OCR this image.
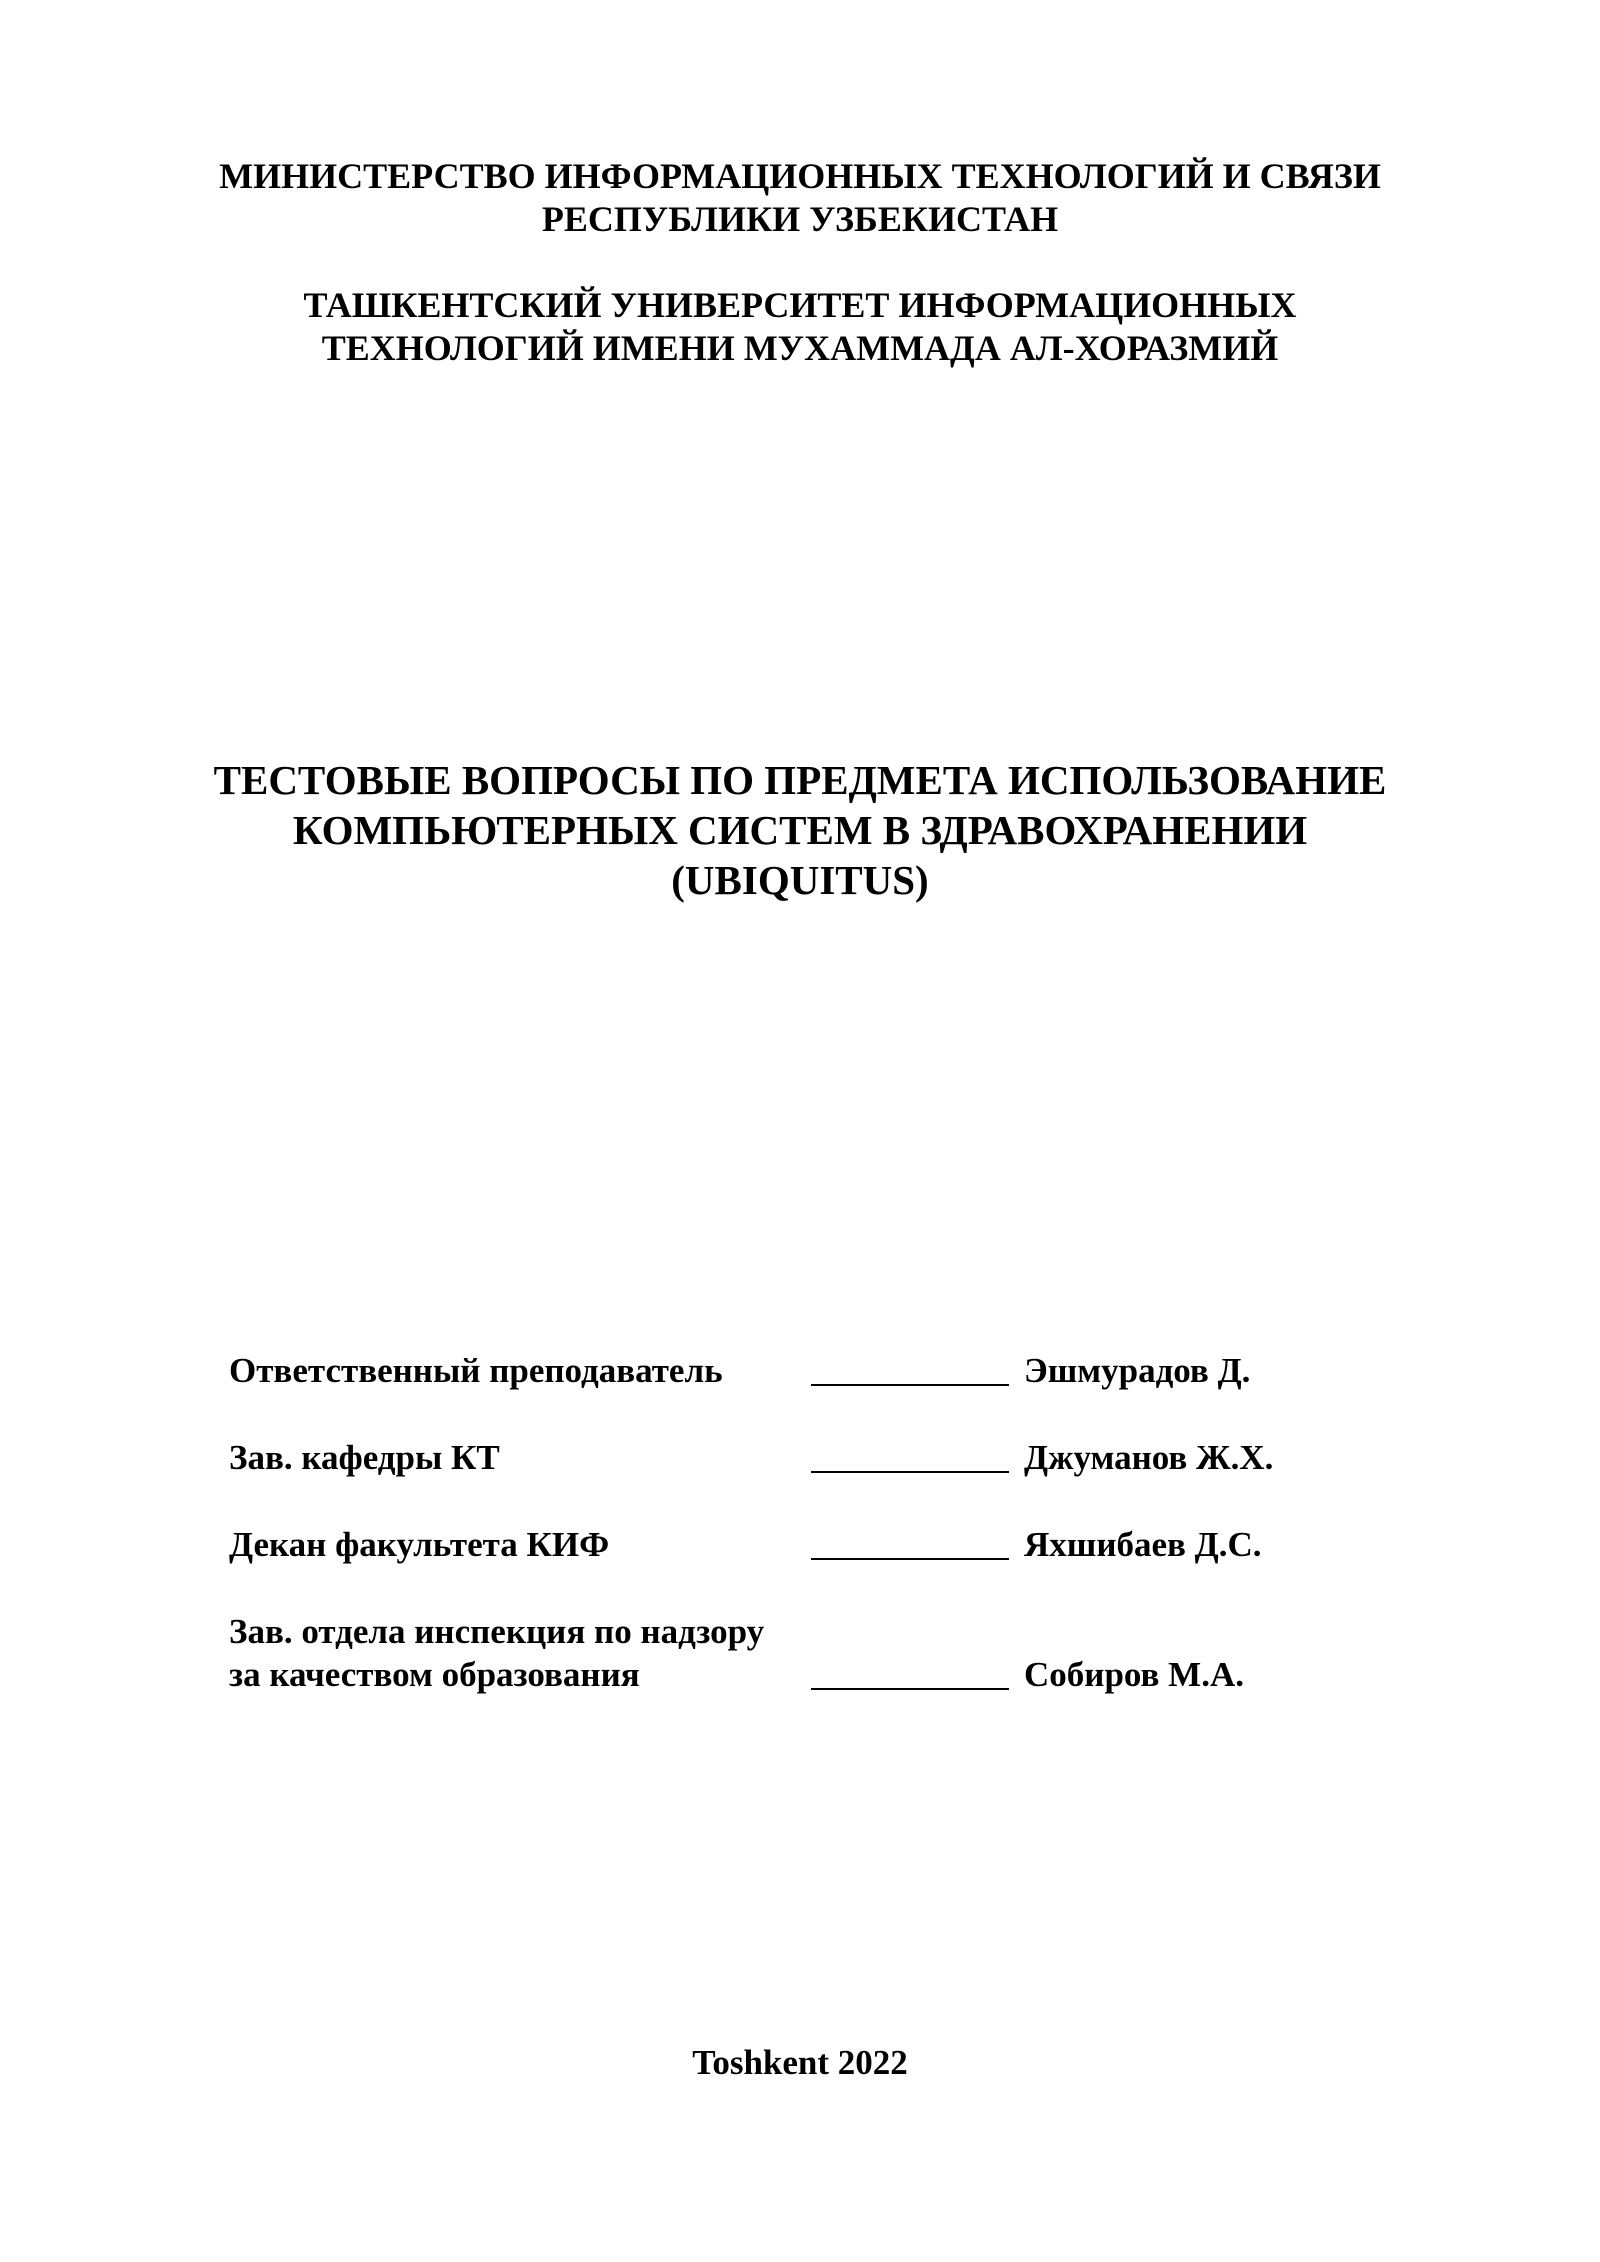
МИНИСТЕРСТВО ИНФОРМАЦИОННЫХ ТЕХНОЛОГИЙ И СВЯЗИ
РЕСПУБЛИКИ УЗБЕКИСТАН
ТАШКЕНТСКИЙ УНИВЕРСИТЕТ ИНФОРМАЦИОННЫХ
ТЕХНОЛОГИЙ ИМЕНИ МУХАММАДА АЛ-ХОРАЗМИЙ
ТЕСТОВЫЕ ВОПРОСЫ ПО ПРЕДМЕТА ИСПОЛЬЗОВАНИЕ
КОМПЬЮТЕРНЫХ СИСТЕМ В ЗДРАВОХРАНЕНИИ
(UBIQUITUS)
Ответственный преподаватель	Эшмурадов Д.
Зав. кафедры КТ	Джуманов Ж.Х.
Декан факультета КИФ	Яхшибаев Д.С.
Зав. отдела инспекция по надзору
за качеством образования	Собиров М.А.
Toshkent 2022
